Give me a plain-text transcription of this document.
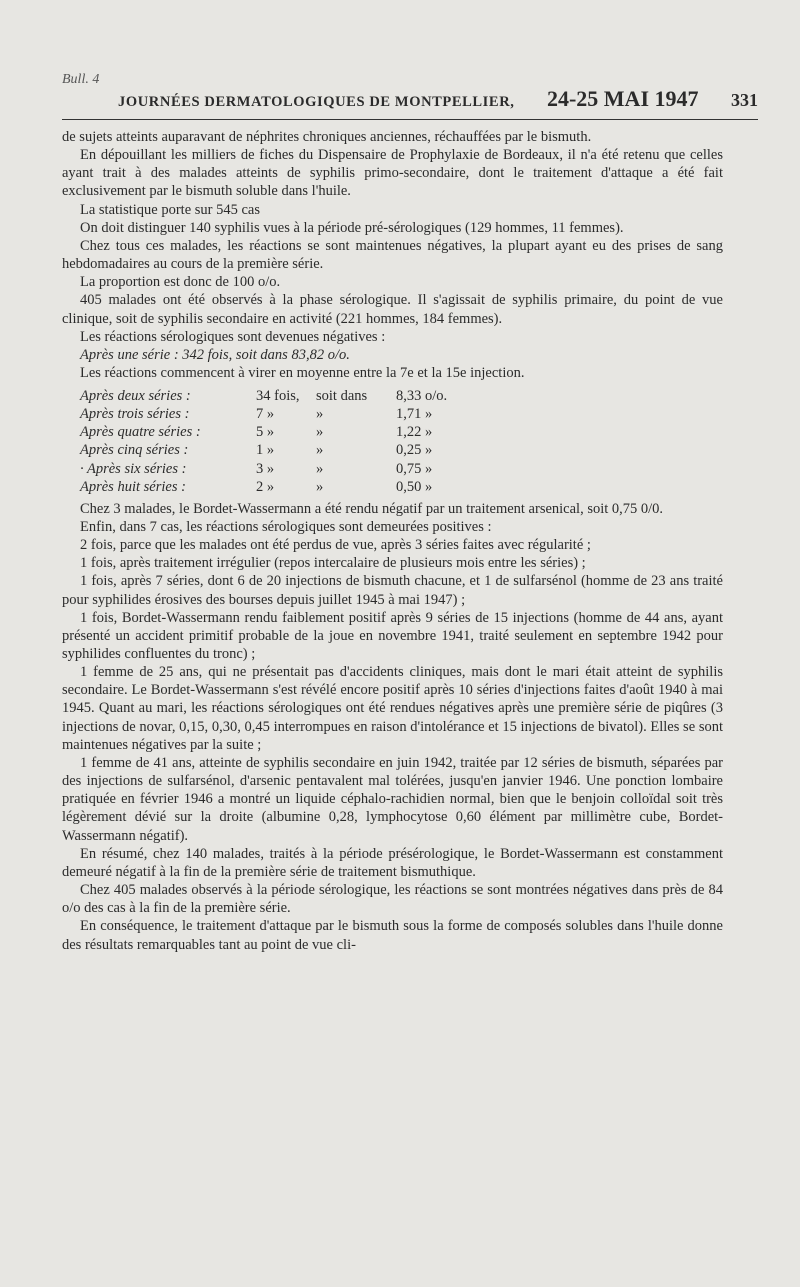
Bull. 4
JOURNÉES DERMATOLOGIQUES DE MONTPELLIER, 24-25 MAI 1947 331

de sujets atteints auparavant de néphrites chroniques anciennes, réchauffées par le bismuth.

En dépouillant les milliers de fiches du Dispensaire de Prophylaxie de Bordeaux, il n'a été retenu que celles ayant trait à des malades atteints de syphilis primo-secondaire, dont le traitement d'attaque a été fait exclusivement par le bismuth soluble dans l'huile.

La statistique porte sur 545 cas

On doit distinguer 140 syphilis vues à la période pré-sérologiques (129 hommes, 11 femmes).

Chez tous ces malades, les réactions se sont maintenues négatives, la plupart ayant eu des prises de sang hebdomadaires au cours de la première série.

La proportion est donc de 100 o/o.

405 malades ont été observés à la phase sérologique. Il s'agissait de syphilis primaire, du point de vue clinique, soit de syphilis secondaire en activité (221 hommes, 184 femmes).

Les réactions sérologiques sont devenues négatives :

Après une série : 342 fois, soit dans 83,82 o/o.

Les réactions commencent à virer en moyenne entre la 7e et la 15e injection.

Après deux séries :	34 fois,	soit dans	8,33 o/o.
Après trois séries :	7 »	»	1,71 »
Après quatre séries :	5 »	»	1,22 »
Après cinq séries :	1 »	»	0,25 »
· Après six séries :	3 »	»	0,75 »
Après huit séries :	2 »	»	0,50 »

Chez 3 malades, le Bordet-Wassermann a été rendu négatif par un traitement arsenical, soit 0,75 0/0.

Enfin, dans 7 cas, les réactions sérologiques sont demeurées positives :

2 fois, parce que les malades ont été perdus de vue, après 3 séries faites avec régularité ;

1 fois, après traitement irrégulier (repos intercalaire de plusieurs mois entre les séries) ;

1 fois, après 7 séries, dont 6 de 20 injections de bismuth chacune, et 1 de sulfarsénol (homme de 23 ans traité pour syphilides érosives des bourses depuis juillet 1945 à mai 1947) ;

1 fois, Bordet-Wassermann rendu faiblement positif après 9 séries de 15 injections (homme de 44 ans, ayant présenté un accident primitif probable de la joue en novembre 1941, traité seulement en septembre 1942 pour syphilides confluentes du tronc) ;

1 femme de 25 ans, qui ne présentait pas d'accidents cliniques, mais dont le mari était atteint de syphilis secondaire. Le Bordet-Wassermann s'est révélé encore positif après 10 séries d'injections faites d'août 1940 à mai 1945. Quant au mari, les réactions sérologiques ont été rendues négatives après une première série de piqûres (3 injections de novar, 0,15, 0,30, 0,45 interrompues en raison d'intolérance et 15 injections de bivatol). Elles se sont maintenues négatives par la suite ;

1 femme de 41 ans, atteinte de syphilis secondaire en juin 1942, traitée par 12 séries de bismuth, séparées par des injections de sulfarsénol, d'arsenic pentavalent mal tolérées, jusqu'en janvier 1946. Une ponction lombaire pratiquée en février 1946 a montré un liquide céphalo-rachidien normal, bien que le benjoin colloïdal soit très légèrement dévié sur la droite (albumine 0,28, lymphocytose 0,60 élément par millimètre cube, Bordet-Wassermann négatif).

En résumé, chez 140 malades, traités à la période présérologique, le Bordet-Wassermann est constamment demeuré négatif à la fin de la première série de traitement bismuthique.

Chez 405 malades observés à la période sérologique, les réactions se sont montrées négatives dans près de 84 o/o des cas à la fin de la première série.

En conséquence, le traitement d'attaque par le bismuth sous la forme de composés solubles dans l'huile donne des résultats remarquables tant au point de vue cli-
